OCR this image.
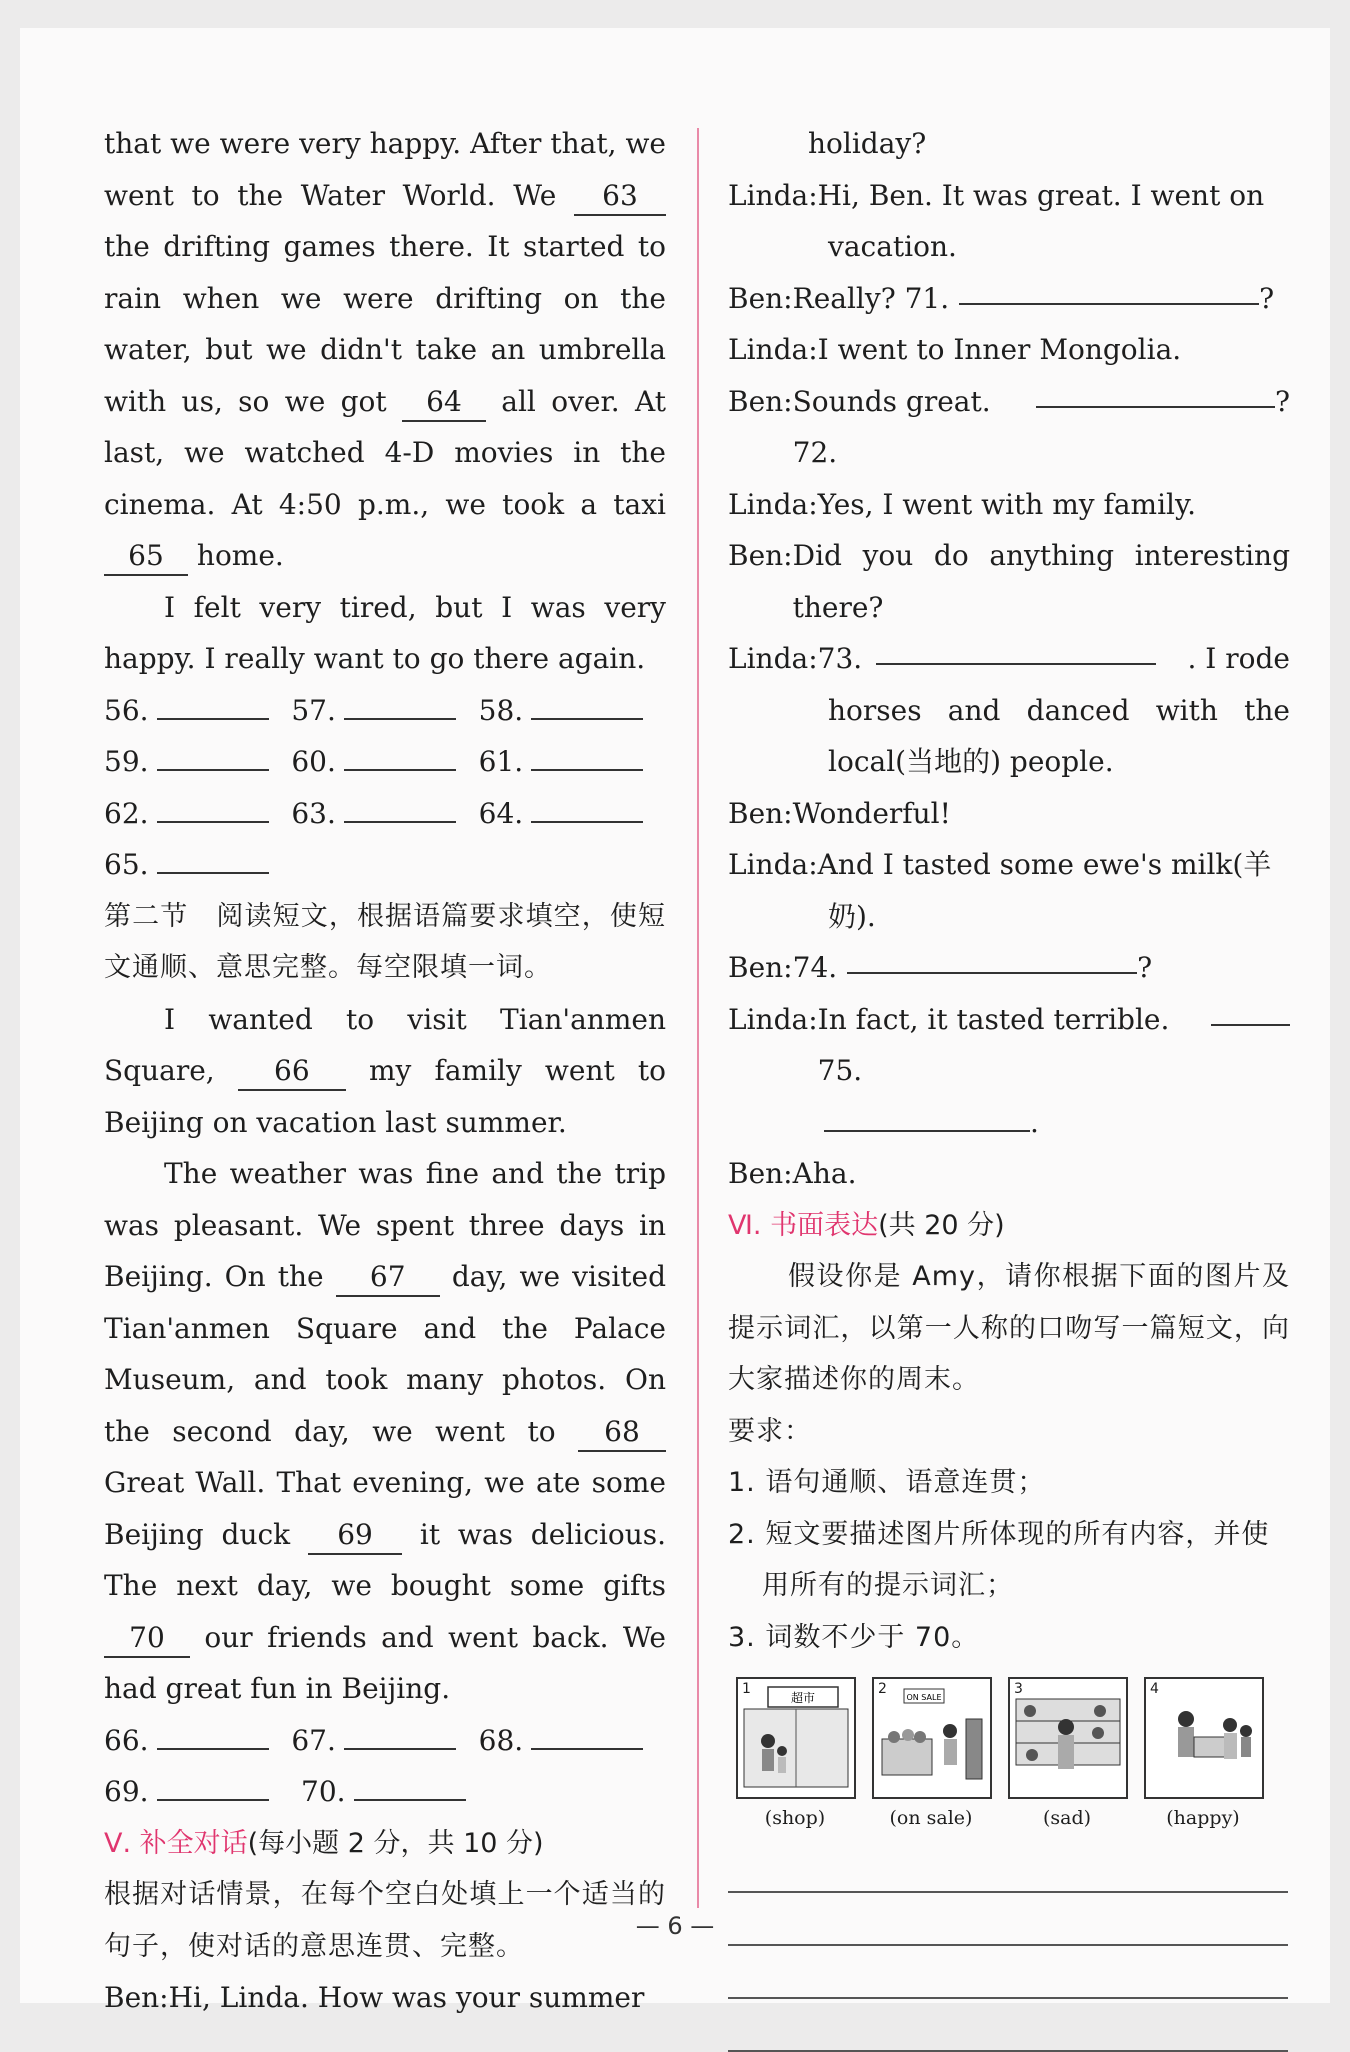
that we were very happy. After that, we went to the Water World. We 63 the drifting games there. It started to rain when we were drifting on the water, but we didn't take an umbrella with us, so we got 64 all over. At last, we watched 4-D movies in the cinema. At 4:50 p.m., we took a taxi 65 home.

I felt very tired, but I was very happy. I really want to go there again.

56.	57.	58.
59.	60.	61.
62.	63.	64.
65.

第二节　阅读短文，根据语篇要求填空，使短文通顺、意思完整。每空限填一词。

I wanted to visit Tian'anmen Square, 66 my family went to Beijing on vacation last summer.

The weather was fine and the trip was pleasant. We spent three days in Beijing. On the 67 day, we visited Tian'anmen Square and the Palace Museum, and took many photos. On the second day, we went to 68 Great Wall. That evening, we ate some Beijing duck 69 it was delicious. The next day, we bought some gifts 70 our friends and went back. We had great fun in Beijing.

66.	67.	68.
69.	70.
Ⅴ. 补全对话(每小题 2 分，共 10 分)

根据对话情景，在每个空白处填上一个适当的句子，使对话的意思连贯、完整。

Ben: Hi, Linda. How was your summer
holiday?
Linda: Hi, Ben. It was great. I went on
vacation.
Ben: Really? 71.	?
Linda: I went to Inner Mongolia.
Ben: Sounds great. 72.
?
Linda: Yes, I went with my family.
Ben: Did you do anything interesting there?
Linda: 73.	. I rode
horses and danced with the local(当地的) people.
Ben: Wonderful!
Linda: And I tasted some ewe's milk(羊
奶).
Ben: 74.	?
Linda: In fact, it tasted terrible. 75.
.
Ben: Aha.
Ⅵ. 书面表达(共 20 分)

假设你是 Amy，请你根据下面的图片及提示词汇，以第一人称的口吻写一篇短文，向大家描述你的周末。

要求：
1. 语句通顺、语意连贯；
2. 短文要描述图片所体现的所有内容，并使
用所有的提示词汇；
3. 词数不少于 70。
1
超市
(shop)
2
ON SALE
(on sale)
3
(sad)
4
(happy)
— 6 —
